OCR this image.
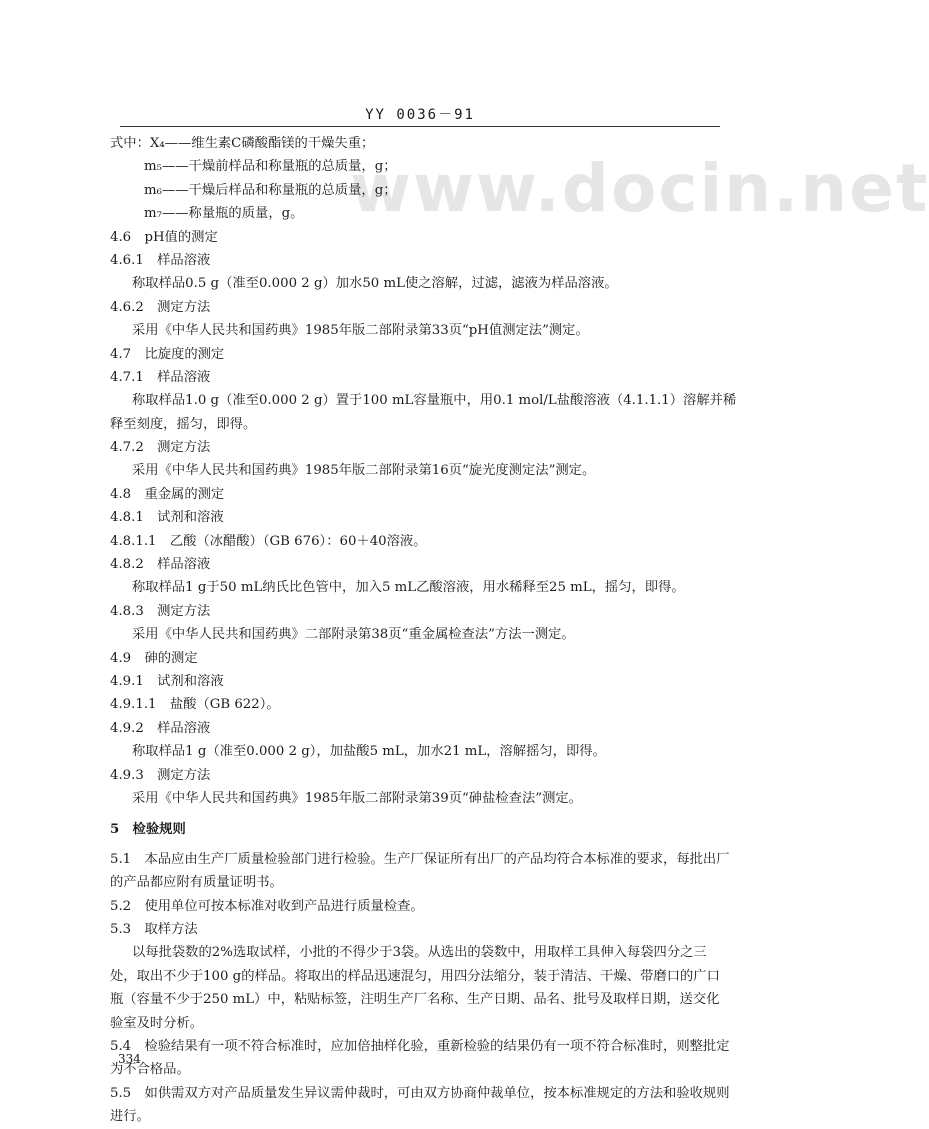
www.docin.net
YY 0036－91
式中：X₄——维生素C磷酸酯镁的干燥失重；
m₅——干燥前样品和称量瓶的总质量，g；
m₆——干燥后样品和称量瓶的总质量，g；
m₇——称量瓶的质量，g。
4.6　pH值的测定
4.6.1　样品溶液
称取样品0.5 g（准至0.000 2 g）加水50 mL使之溶解，过滤，滤液为样品溶液。
4.6.2　测定方法
采用《中华人民共和国药典》1985年版二部附录第33页“pH值测定法”测定。
4.7　比旋度的测定
4.7.1　样品溶液
称取样品1.0 g（准至0.000 2 g）置于100 mL容量瓶中，用0.1 mol/L盐酸溶液（4.1.1.1）溶解并稀
释至刻度，摇匀，即得。
4.7.2　测定方法
采用《中华人民共和国药典》1985年版二部附录第16页“旋光度测定法”测定。
4.8　重金属的测定
4.8.1　试剂和溶液
4.8.1.1　乙酸（冰醋酸）（GB 676）：60＋40溶液。
4.8.2　样品溶液
称取样品1 g于50 mL纳氏比色管中，加入5 mL乙酸溶液，用水稀释至25 mL，摇匀，即得。
4.8.3　测定方法
采用《中华人民共和国药典》二部附录第38页“重金属检查法”方法一测定。
4.9　砷的测定
4.9.1　试剂和溶液
4.9.1.1　盐酸（GB 622）。
4.9.2　样品溶液
称取样品1 g（准至0.000 2 g），加盐酸5 mL，加水21 mL，溶解摇匀，即得。
4.9.3　测定方法
采用《中华人民共和国药典》1985年版二部附录第39页“砷盐检查法”测定。
5　检验规则
5.1　本品应由生产厂质量检验部门进行检验。生产厂保证所有出厂的产品均符合本标准的要求，每批出厂的产品都应附有质量证明书。
5.2　使用单位可按本标准对收到产品进行质量检查。
5.3　取样方法
以每批袋数的2%选取试样，小批的不得少于3袋。从选出的袋数中，用取样工具伸入每袋四分之三处，取出不少于100 g的样品。将取出的样品迅速混匀，用四分法缩分，装于清洁、干燥、带磨口的广口瓶（容量不少于250 mL）中，粘贴标签，注明生产厂名称、生产日期、品名、批号及取样日期，送交化验室及时分析。
5.4　检验结果有一项不符合标准时，应加倍抽样化验，重新检验的结果仍有一项不符合标准时，则整批定为不合格品。
5.5　如供需双方对产品质量发生异议需仲裁时，可由双方协商仲裁单位，按本标准规定的方法和验收规则进行。
334
